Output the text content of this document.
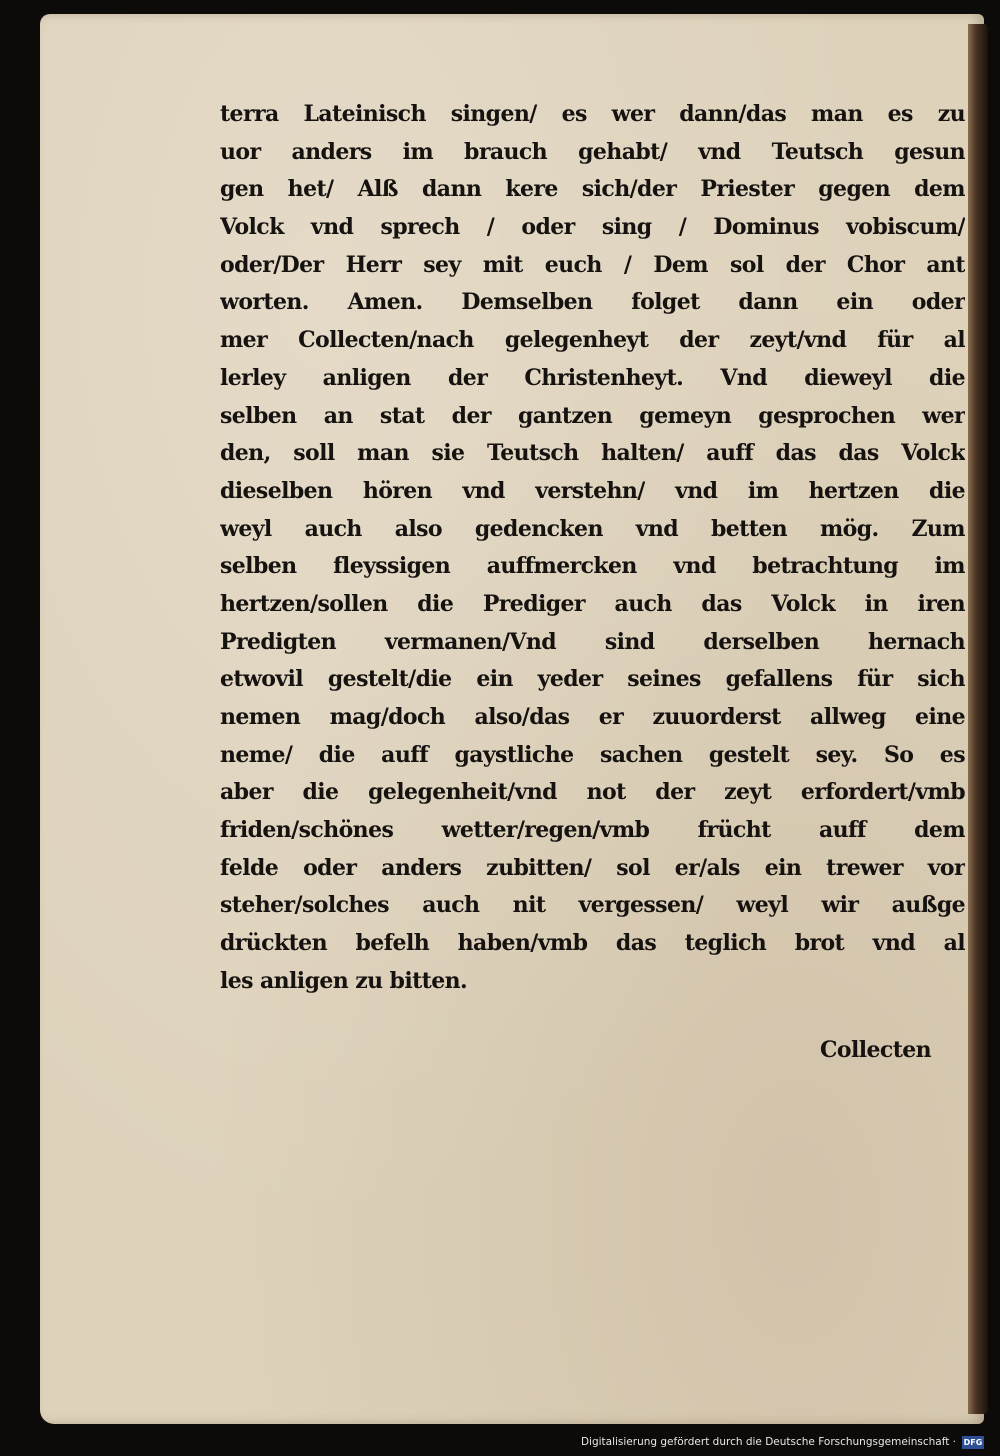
terra Lateinisch singen/ es wer dann/das man es zu
uor anders im brauch gehabt/ vnd Teutsch gesun
gen het/ Alß dann kere sich/der Priester gegen dem
Volck vnd sprech / oder sing / Dominus vobiscum/
oder/Der Herr sey mit euch / Dem sol der Chor ant
worten. Amen. Demselben folget dann ein oder
mer Collecten/nach gelegenheyt der zeyt/vnd für al
lerley anligen der Christenheyt. Vnd dieweyl die
selben an stat der gantzen gemeyn gesprochen wer
den, soll man sie Teutsch halten/ auff das das Volck
dieselben hören vnd verstehn/ vnd im hertzen die
weyl auch also gedencken vnd betten mög. Zum
selben fleyssigen auffmercken vnd betrachtung im
hertzen/sollen die Prediger auch das Volck in iren
Predigten vermanen/Vnd sind derselben hernach
etwovil gestelt/die ein yeder seines gefallens für sich
nemen mag/doch also/das er zuuorderst allweg eine
neme/ die auff gaystliche sachen gestelt sey. So es
aber die gelegenheit/vnd not der zeyt erfordert/vmb
friden/schönes wetter/regen/vmb frücht auff dem
felde oder anders zubitten/ sol er/als ein trewer vor
steher/solches auch nit vergessen/ weyl wir außge
drückten befelh haben/vmb das teglich brot vnd al
les anligen zu bitten.
Collecten
Digitalisierung gefördert durch die Deutsche Forschungsgemeinschaft · DFG
